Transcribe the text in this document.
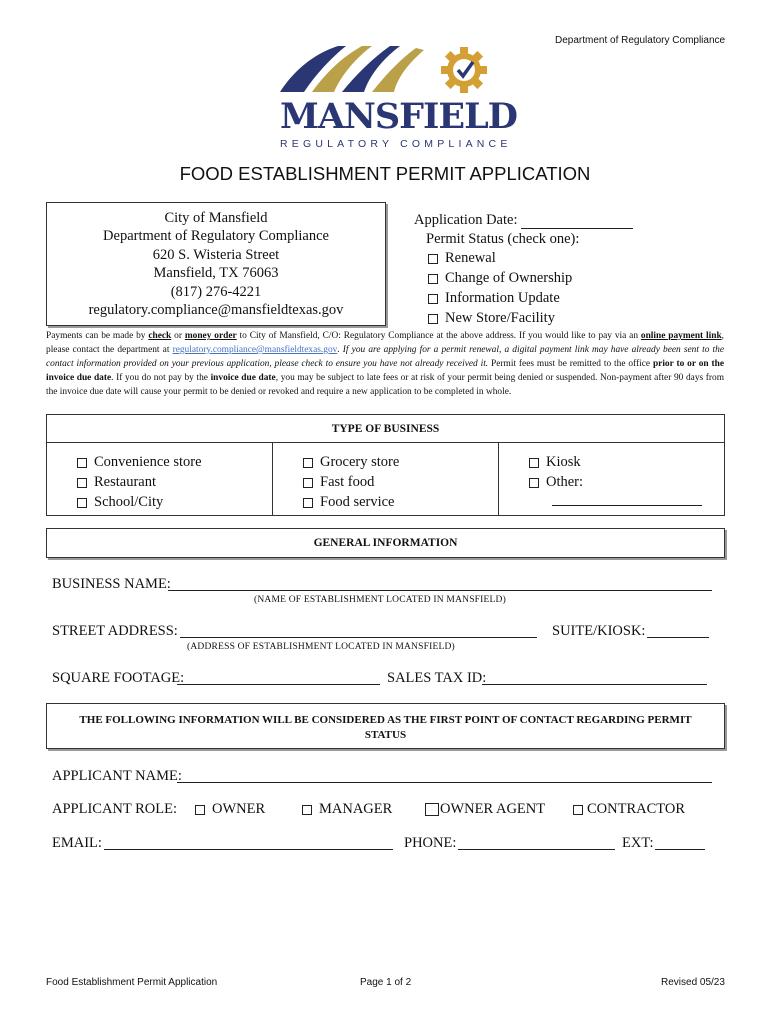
Department of Regulatory Compliance
MANSFIELD
REGULATORY COMPLIANCE
FOOD ESTABLISHMENT PERMIT APPLICATION
City of Mansfield
Department of Regulatory Compliance
620 S. Wisteria Street
Mansfield, TX 76063
(817) 276-4221
regulatory.compliance@mansfieldtexas.gov
Application Date:
Permit Status (check one):
Renewal
Change of Ownership
Information Update
New Store/Facility
Payments can be made by check or money order to City of Mansfield, C/O: Regulatory Compliance at the above address. If you would like to pay via an online payment link, please contact the department at regulatory.compliance@mansfieldtexas.gov. If you are applying for a permit renewal, a digital payment link may have already been sent to the contact information provided on your previous application, please check to ensure you have not already received it. Permit fees must be remitted to the office prior to or on the invoice due date. If you do not pay by the invoice due date, you may be subject to late fees or at risk of your permit being denied or suspended. Non-payment after 90 days from the invoice due date will cause your permit to be denied or revoked and require a new application to be completed in whole.
TYPE OF BUSINESS
Convenience store
Restaurant
School/City
Grocery store
Fast food
Food service
Kiosk
Other:
GENERAL INFORMATION
BUSINESS NAME:
(NAME OF ESTABLISHMENT LOCATED IN MANSFIELD)
STREET ADDRESS:
(ADDRESS OF ESTABLISHMENT LOCATED IN MANSFIELD)
SUITE/KIOSK:
SQUARE FOOTAGE:	SALES TAX ID:
THE FOLLOWING INFORMATION WILL BE CONSIDERED AS THE FIRST POINT OF CONTACT REGARDING PERMIT STATUS
APPLICANT NAME:
APPLICANT ROLE:	OWNER	MANAGER	OWNER AGENT	CONTRACTOR
EMAIL:	PHONE:	EXT:
Food Establishment Permit Application	Page 1 of 2	Revised 05/23
